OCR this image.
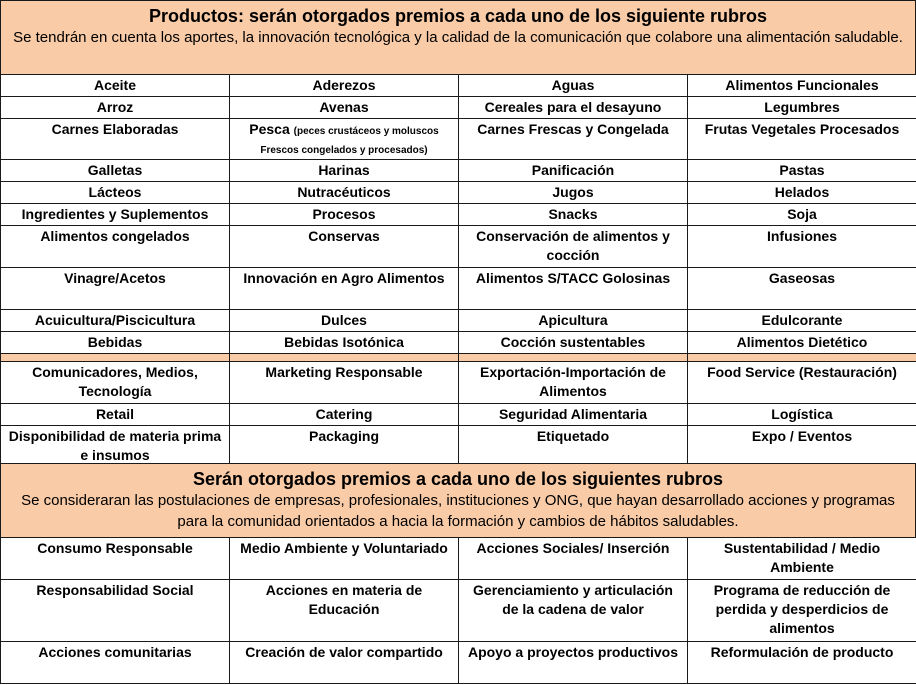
Productos: serán otorgados premios a cada uno de los siguiente rubros
Se tendrán en cuenta los aportes, la innovación tecnológica y la calidad de la comunicación que colabore una alimentación saludable.
Aceite	Aderezos	Aguas	Alimentos Funcionales
Arroz	Avenas	Cereales para el desayuno	Legumbres
Carnes Elaboradas	Pesca (peces crustáceos y moluscos Frescos congelados y procesados)	Carnes Frescas y Congelada	Frutas Vegetales Procesados
Galletas	Harinas	Panificación	Pastas
Lácteos	Nutracéuticos	Jugos	Helados
Ingredientes y Suplementos	Procesos	Snacks	Soja
Alimentos congelados	Conservas	Conservación de alimentos y cocción	Infusiones
Vinagre/Acetos	Innovación en Agro Alimentos	Alimentos S/TACC Golosinas	Gaseosas
Acuicultura/Piscicultura	Dulces	Apicultura	Edulcorante
Bebidas	Bebidas Isotónica	Cocción sustentables	Alimentos Dietético

Comunicadores, Medios, Tecnología	Marketing Responsable	Exportación-Importación de Alimentos	Food Service (Restauración)
Retail	Catering	Seguridad Alimentaria	Logística
Disponibilidad de materia prima e insumos	Packaging	Etiquetado	Expo / Eventos
Serán otorgados premios a cada uno de los siguientes rubros
Se consideraran las postulaciones de empresas, profesionales, instituciones y ONG, que hayan desarrollado acciones y programas para la comunidad orientados a hacia la formación y cambios de hábitos saludables.
Consumo Responsable	Medio Ambiente y Voluntariado	Acciones Sociales/ Inserción	Sustentabilidad / Medio Ambiente
Responsabilidad Social	Acciones en materia de Educación	Gerenciamiento y articulación de la cadena de valor	Programa de reducción de perdida y desperdicios de alimentos
Acciones comunitarias	Creación de valor compartido	Apoyo a proyectos productivos	Reformulación de producto
